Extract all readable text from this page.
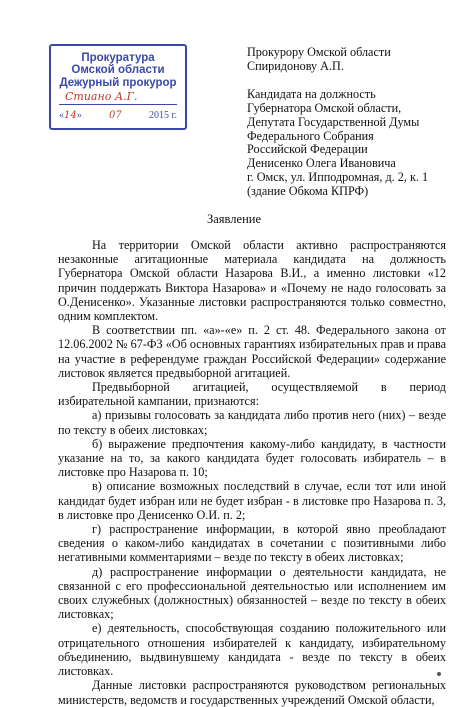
Прокуратура
Омской области
Дежурный прокурор
Стиано А.Г.
«14»	07	2015 г.
Прокурору Омской области
Спиридонову А.П.
Кандидата на должность
Губернатора Омской области,
Депутата Государственной Думы
Федерального Собрания
Российской Федерации
Денисенко Олега Ивановича
г. Омск, ул. Ипподромная, д. 2, к. 1
(здание Обкома КПРФ)
Заявление

На территории Омской области активно распространяются незаконные агитационные материала кандидата на должность Губернатора Омской области Назарова В.И., а именно листовки «12 причин поддержать Виктора Назарова» и «Почему не надо голосовать за О.Денисенко». Указанные листовки распространяются только совместно, одним комплектом.

В соответствии пп. «а»-«е» п. 2 ст. 48. Федерального закона от 12.06.2002 № 67-ФЗ «Об основных гарантиях избирательных прав и права на участие в референдуме граждан Российской Федерации» содержание листовок является предвыборной агитацией.

Предвыборной агитацией, осуществляемой в период избирательной кампании, признаются:

а) призывы голосовать за кандидата либо против него (них) – везде по тексту в обеих листовках;

б) выражение предпочтения какому-либо кандидату, в частности указание на то, за какого кандидата будет голосовать избиратель – в листовке про Назарова п. 10;

в) описание возможных последствий в случае, если тот или иной кандидат будет избран или не будет избран - в листовке про Назарова п. 3, в листовке про Денисенко О.И. п. 2;

г) распространение информации, в которой явно преобладают сведения о каком-либо кандидатах в сочетании с позитивными либо негативными комментариями – везде по тексту в обеих листовках;

д) распространение информации о деятельности кандидата, не связанной с его профессиональной деятельностью или исполнением им своих служебных (должностных) обязанностей – везде по тексту в обеих листовках;

е) деятельность, способствующая созданию положительного или отрицательного отношения избирателей к кандидату, избирательному объединению, выдвинувшему кандидата - везде по тексту в обеих листовках.

Данные листовки распространяются руководством региональных министерств, ведомств и государственных учреждений Омской области,
